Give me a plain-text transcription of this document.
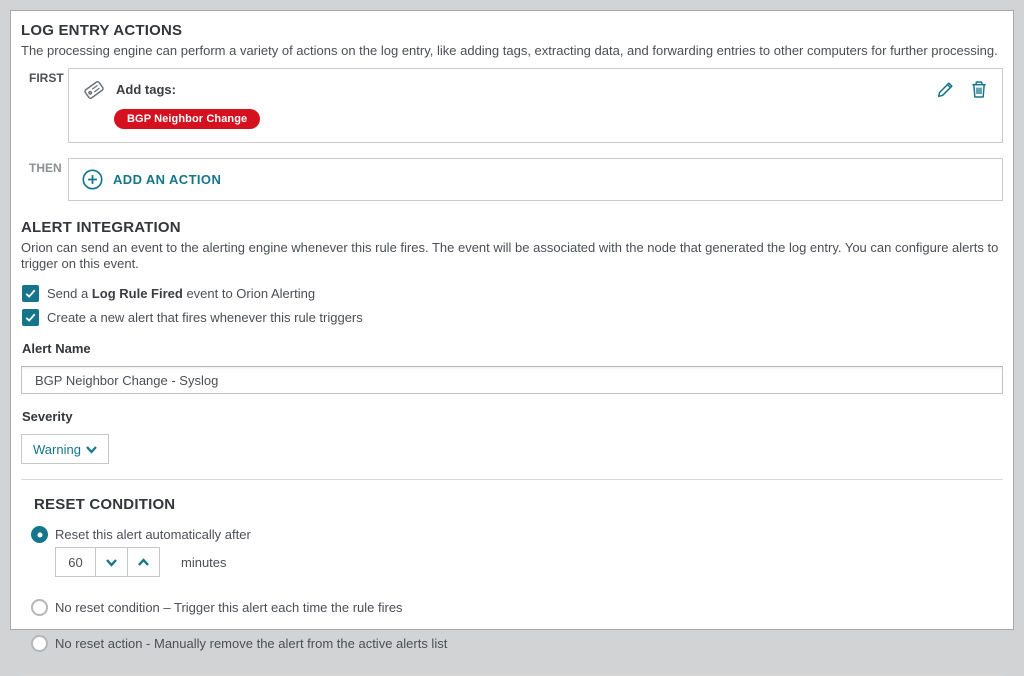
LOG ENTRY ACTIONS
The processing engine can perform a variety of actions on the log entry, like adding tags, extracting data, and forwarding entries to other computers for further processing.
FIRST
Add tags:
BGP Neighbor Change
THEN
ADD AN ACTION
ALERT INTEGRATION
Orion can send an event to the alerting engine whenever this rule fires. The event will be associated with the node that generated the log entry. You can configure alerts to trigger on this event.
Send a Log Rule Fired event to Orion Alerting
Create a new alert that fires whenever this rule triggers
Alert Name
BGP Neighbor Change - Syslog
Severity
Warning
RESET CONDITION
Reset this alert automatically after
60
minutes
No reset condition – Trigger this alert each time the rule fires
No reset action - Manually remove the alert from the active alerts list
